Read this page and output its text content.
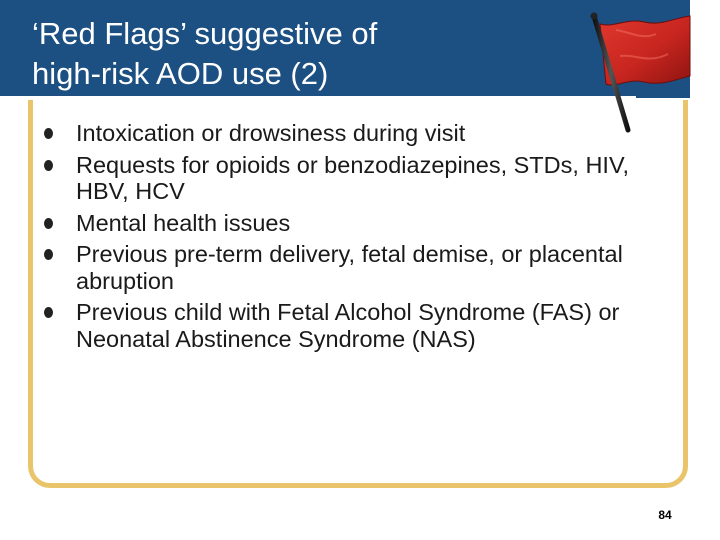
‘Red Flags’ suggestive of
high-risk AOD use (2)
Intoxication or drowsiness during visit
Requests for opioids or benzodiazepines, STDs, HIV, HBV, HCV
Mental health issues
Previous pre-term delivery, fetal demise, or placental abruption
Previous child with Fetal Alcohol Syndrome (FAS) or Neonatal Abstinence Syndrome (NAS)
84
